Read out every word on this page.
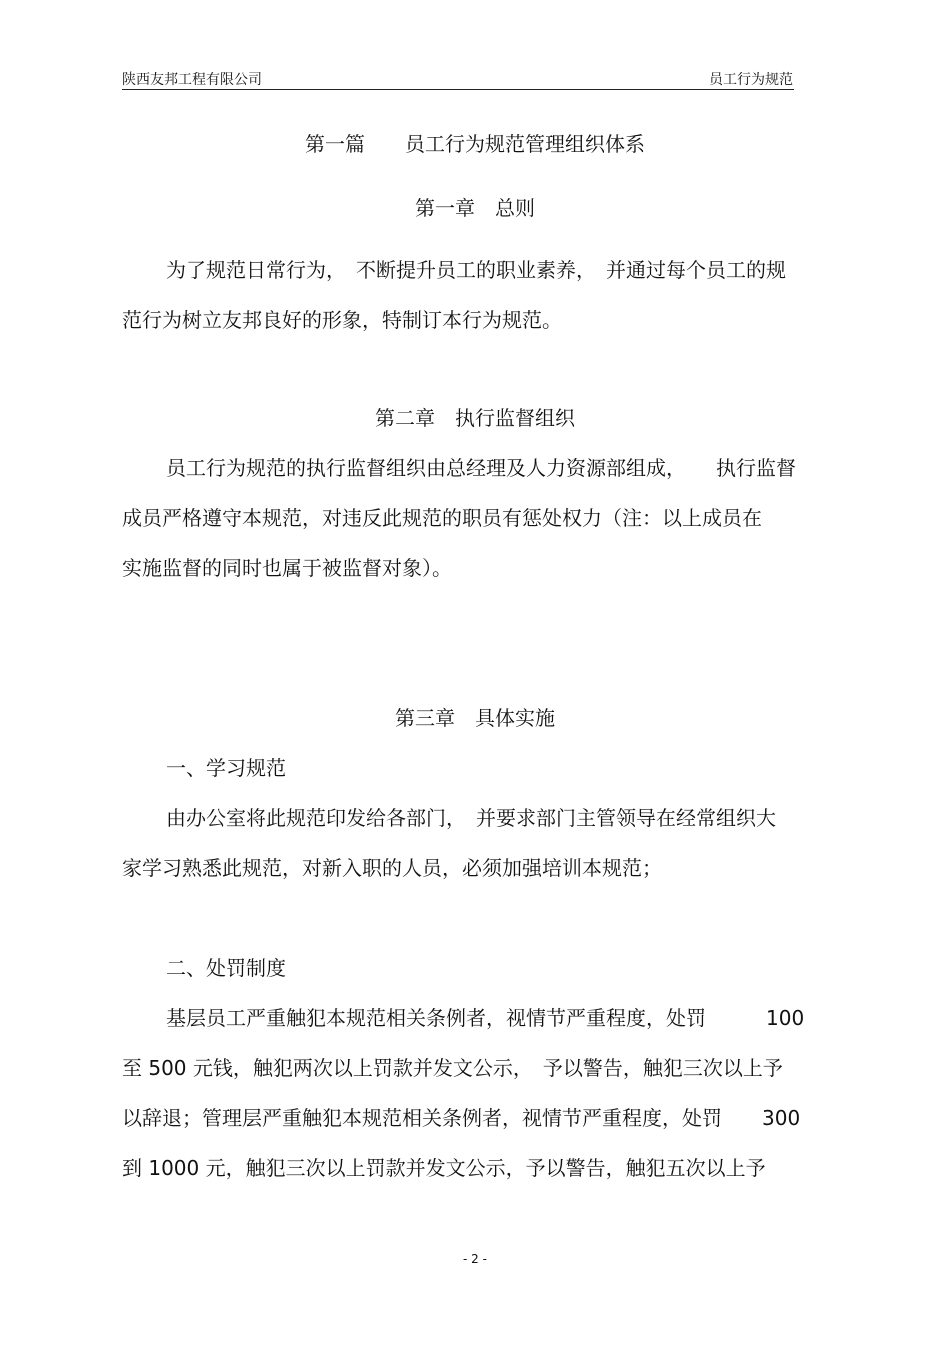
陕西友邦工程有限公司	员工行为规范
第一篇　　员工行为规范管理组织体系
第一章　总则
为了规范日常行为，　不断提升员工的职业素养，　并通过每个员工的规
范行为树立友邦良好的形象，特制订本行为规范。
第二章　执行监督组织
员工行为规范的执行监督组织由总经理及人力资源部组成，　　执行监督
成员严格遵守本规范，对违反此规范的职员有惩处权力（注：以上成员在
实施监督的同时也属于被监督对象）。
第三章　具体实施
一、学习规范
由办公室将此规范印发给各部门，　并要求部门主管领导在经常组织大
家学习熟悉此规范，对新入职的人员，必须加强培训本规范；
二、处罚制度
基层员工严重触犯本规范相关条例者，视情节严重程度，处罚　　　100
至 500 元钱，触犯两次以上罚款并发文公示，　予以警告，触犯三次以上予
以辞退；管理层严重触犯本规范相关条例者，视情节严重程度，处罚　　300
到 1000 元，触犯三次以上罚款并发文公示，予以警告，触犯五次以上予
- 2 -
